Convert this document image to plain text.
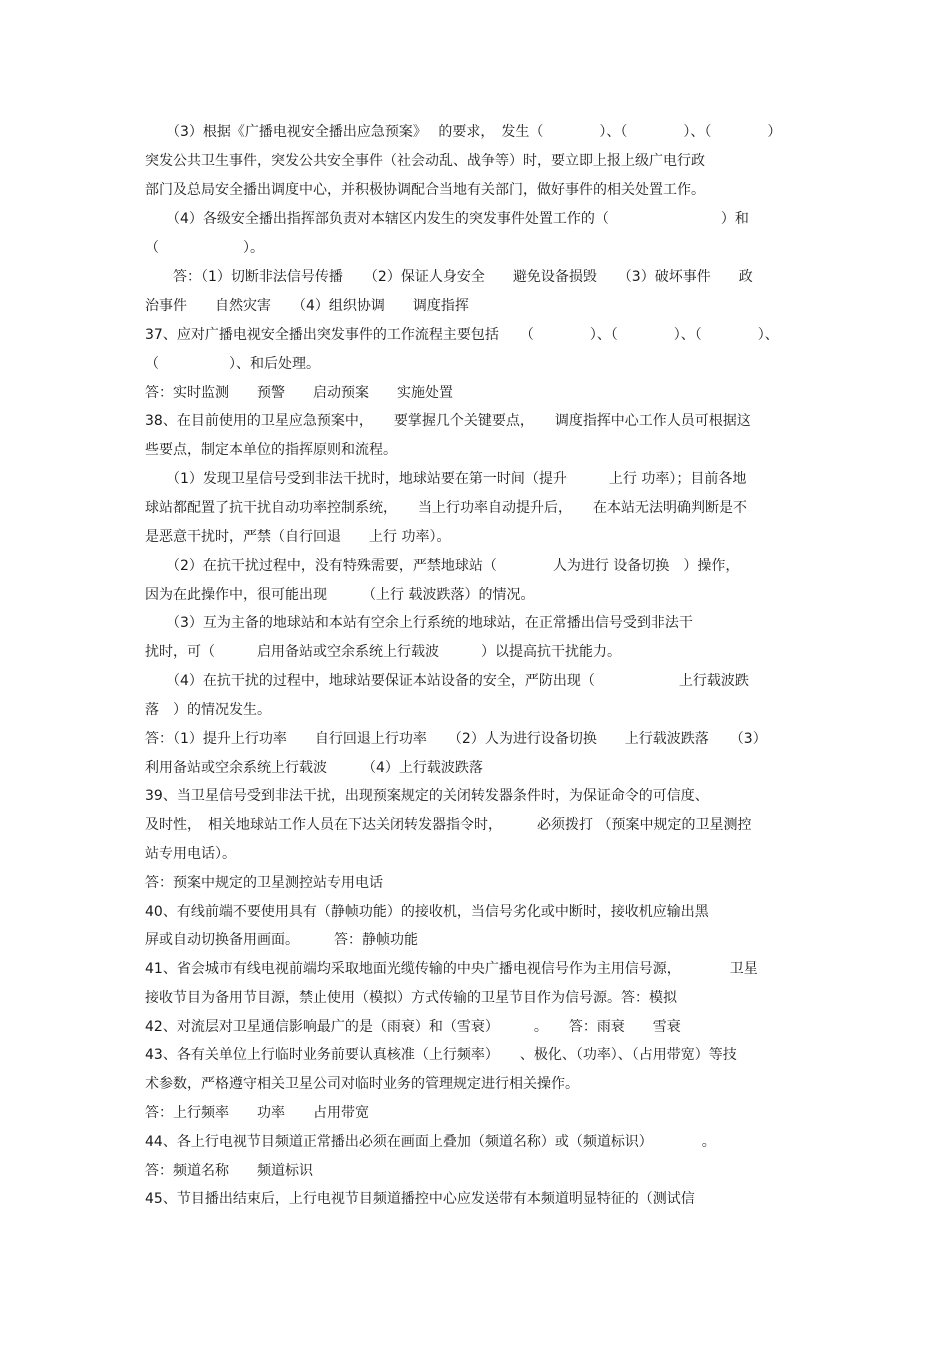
　　（3）根据《广播电视安全播出应急预案》　 的要求，　发生（　　　　）、（　　　　）、（　　　　）
突发公共卫生事件，突发公共安全事件（社会动乱、战争等）时，要立即上报上级广电行政
部门及总局安全播出调度中心，并积极协调配合当地有关部门，做好事件的相关处置工作。
　　（4）各级安全播出指挥部负责对本辖区内发生的突发事件处置工作的（　　　　　　　　）和
（　　　　　　）。
　　答：（1）切断非法信号传播　　（2）保证人身安全　　避免设备损毁　　（3）破坏事件　　政
治事件　　自然灾害　　（4）组织协调　　调度指挥
37、应对广播电视安全播出突发事件的工作流程主要包括　　（　　　　）、（　　　　）、（　　　　）、
（　　　　　）、和后处理。
答：实时监测　　预警　　启动预案　　实施处置
38、在目前使用的卫星应急预案中，　　要掌握几个关键要点，　　调度指挥中心工作人员可根据这
些要点，制定本单位的指挥原则和流程。
　　（1）发现卫星信号受到非法干扰时，地球站要在第一时间（提升　　　上行 功率）；目前各地
球站都配置了抗干扰自动功率控制系统，　　当上行功率自动提升后，　　在本站无法明确判断是不
是恶意干扰时，严禁（自行回退　　上行 功率）。
　　（2）在抗干扰过程中，没有特殊需要，严禁地球站（　　　　人为进行 设备切换　）操作，
因为在此操作中，很可能出现　　　（上行 载波跌落）的情况。
　　（3）互为主备的地球站和本站有空余上行系统的地球站，在正常播出信号受到非法干
扰时，可（　　　启用备站或空余系统上行载波　　　）以提高抗干扰能力。
　　（4）在抗干扰的过程中，地球站要保证本站设备的安全，严防出现（　　　　　　上行载波跌
落　）的情况发生。
答：（1）提升上行功率　　自行回退上行功率　　（2）人为进行设备切换　　上行载波跌落　　（3）
利用备站或空余系统上行载波　　　（4）上行载波跌落
39、当卫星信号受到非法干扰，出现预案规定的关闭转发器条件时，为保证命令的可信度、
及时性，　相关地球站工作人员在下达关闭转发器指令时，　　　必须拨打 （预案中规定的卫星测控
站专用电话）。
答：预案中规定的卫星测控站专用电话
40、有线前端不要使用具有（静帧功能）的接收机，当信号劣化或中断时，接收机应输出黑
屏或自动切换备用画面。　　　答：静帧功能
41、省会城市有线电视前端均采取地面光缆传输的中央广播电视信号作为主用信号源，　　　　卫星
接收节目为备用节目源，禁止使用（模拟）方式传输的卫星节目作为信号源。答：模拟
42、对流层对卫星通信影响最广的是（雨衰）和（雪衰）　　　。　　答：雨衰　　雪衰
43、各有关单位上行临时业务前要认真核准（上行频率）　　、极化、（功率）、（占用带宽）等技
术参数，严格遵守相关卫星公司对临时业务的管理规定进行相关操作。
答：上行频率　　功率　　占用带宽
44、各上行电视节目频道正常播出必须在画面上叠加（频道名称）或（频道标识）　　　　。
答：频道名称　　频道标识
45、节目播出结束后，上行电视节目频道播控中心应发送带有本频道明显特征的（测试信
